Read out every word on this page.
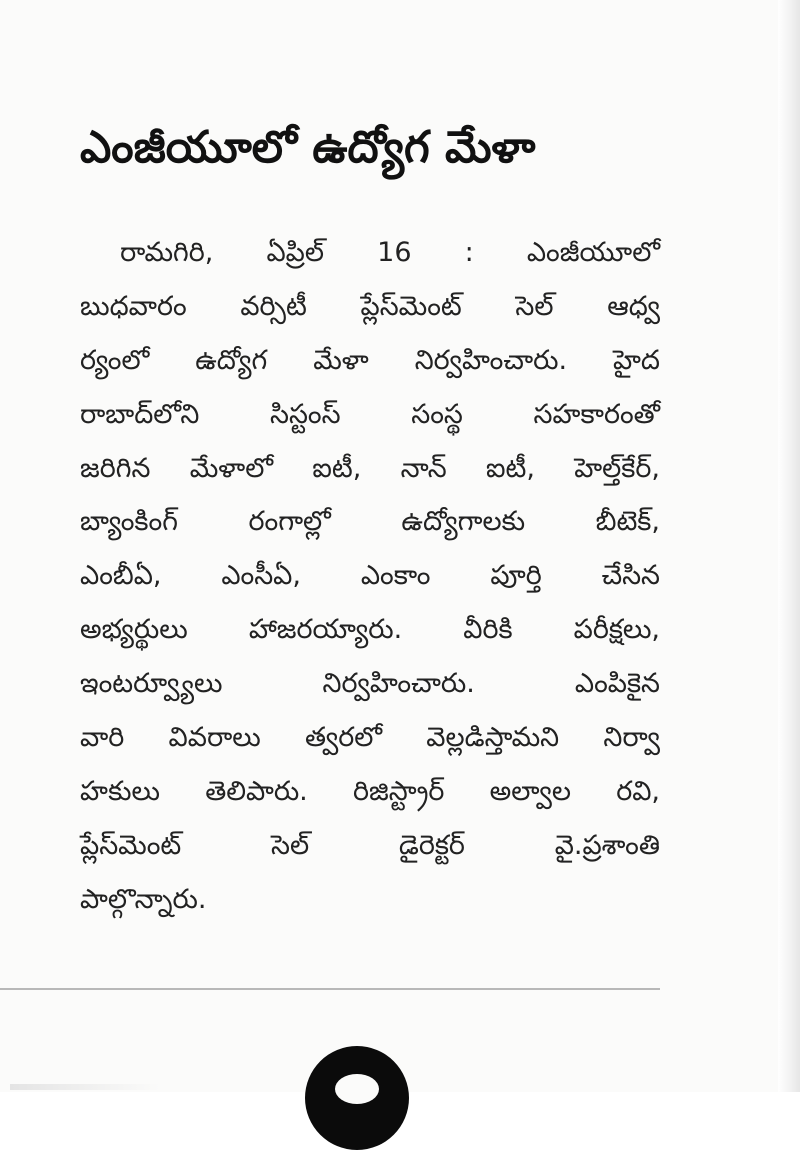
ఎంజీయూలో ఉద్యోగ మేళా
రామగిరి, ఏప్రిల్ 16 : ఎంజీయూలో
బుధవారం వర్సిటీ ప్లేస్‌మెంట్ సెల్ ఆధ్వ
ర్యంలో ఉద్యోగ మేళా నిర్వహించారు. హైద
రాబాద్‌లోని సిస్టంస్ సంస్థ సహకారంతో
జరిగిన మేళాలో ఐటీ, నాన్ ఐటీ, హెల్త్‌కేర్,
బ్యాంకింగ్ రంగాల్లో ఉద్యోగాలకు బీటెక్,
ఎంబీఏ, ఎంసీఏ, ఎంకాం పూర్తి చేసిన
అభ్యర్థులు హాజరయ్యారు. వీరికి పరీక్షలు,
ఇంటర్వ్యూలు నిర్వహించారు. ఎంపికైన
వారి వివరాలు త్వరలో వెల్లడిస్తామని నిర్వా
హకులు తెలిపారు. రిజిస్ట్రార్ అల్వాల రవి,
ప్లేస్‌మెంట్ సెల్ డైరెక్టర్ వై.ప్రశాంతి
పాల్గొన్నారు.
